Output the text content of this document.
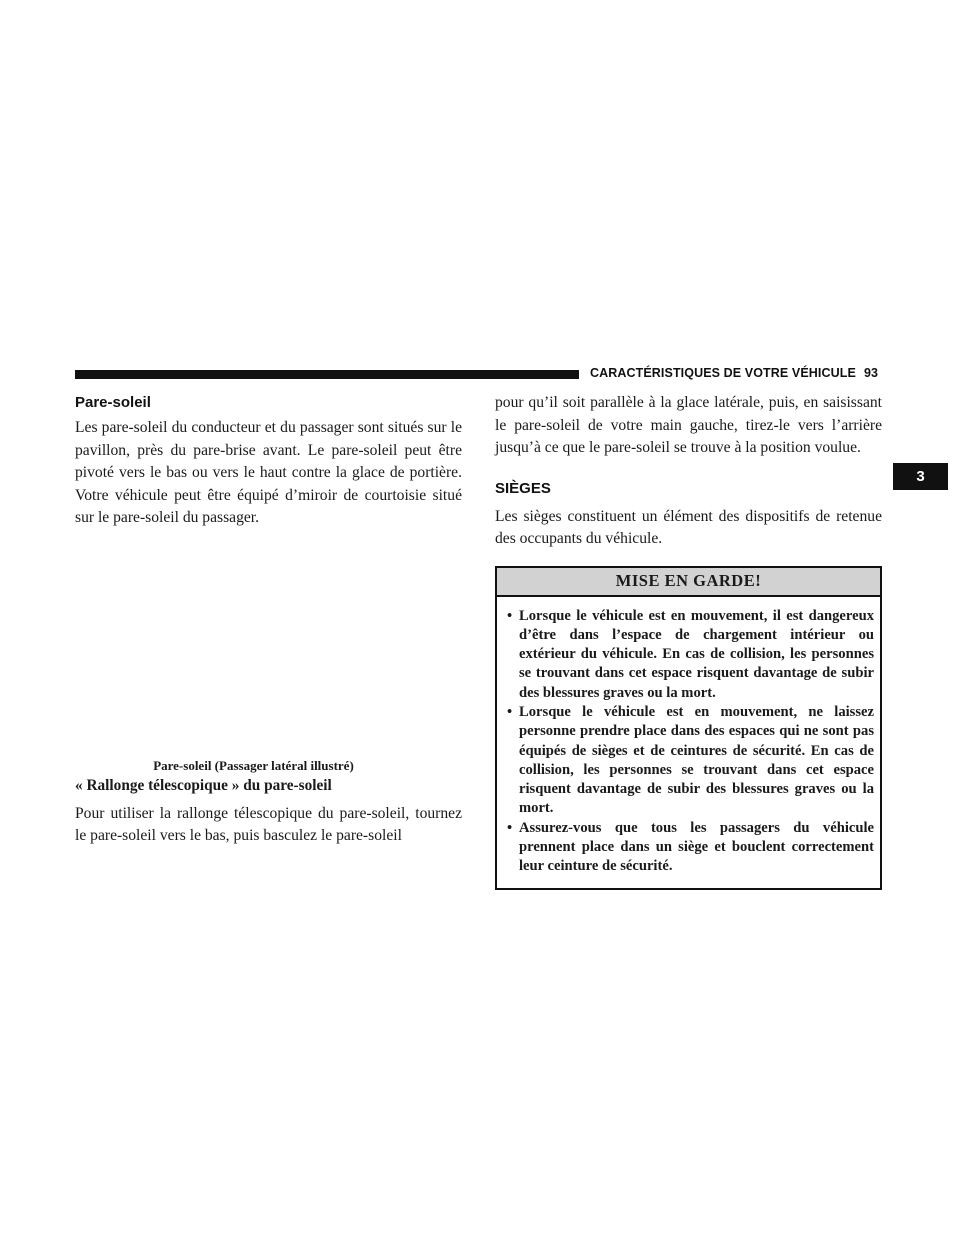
CARACTÉRISTIQUES DE VOTRE VÉHICULE 93
3
Pare-soleil

Les pare-soleil du conducteur et du passager sont situés sur le pavillon, près du pare-brise avant. Le pare-soleil peut être pivoté vers le bas ou vers le haut contre la glace de portière. Votre véhicule peut être équipé d’miroir de courtoisie situé sur le pare-soleil du passager.

Pare-soleil (Passager latéral illustré)

« Rallonge télescopique » du pare-soleil

Pour utiliser la rallonge télescopique du pare-soleil, tournez le pare-soleil vers le bas, puis basculez le pare-soleil

pour qu’il soit parallèle à la glace latérale, puis, en saisissant le pare-soleil de votre main gauche, tirez-le vers l’arrière jusqu’à ce que le pare-soleil se trouve à la position voulue.

SIÈGES

Les sièges constituent un élément des dispositifs de retenue des occupants du véhicule.

MISE EN GARDE!
• Lorsque le véhicule est en mouvement, il est dangereux d’être dans l’espace de chargement intérieur ou extérieur du véhicule. En cas de collision, les personnes se trouvant dans cet espace risquent davantage de subir des blessures graves ou la mort.
• Lorsque le véhicule est en mouvement, ne laissez personne prendre place dans des espaces qui ne sont pas équipés de sièges et de ceintures de sécurité. En cas de collision, les personnes se trouvant dans cet espace risquent davantage de subir des blessures graves ou la mort.
• Assurez-vous que tous les passagers du véhicule prennent place dans un siège et bouclent correctement leur ceinture de sécurité.
